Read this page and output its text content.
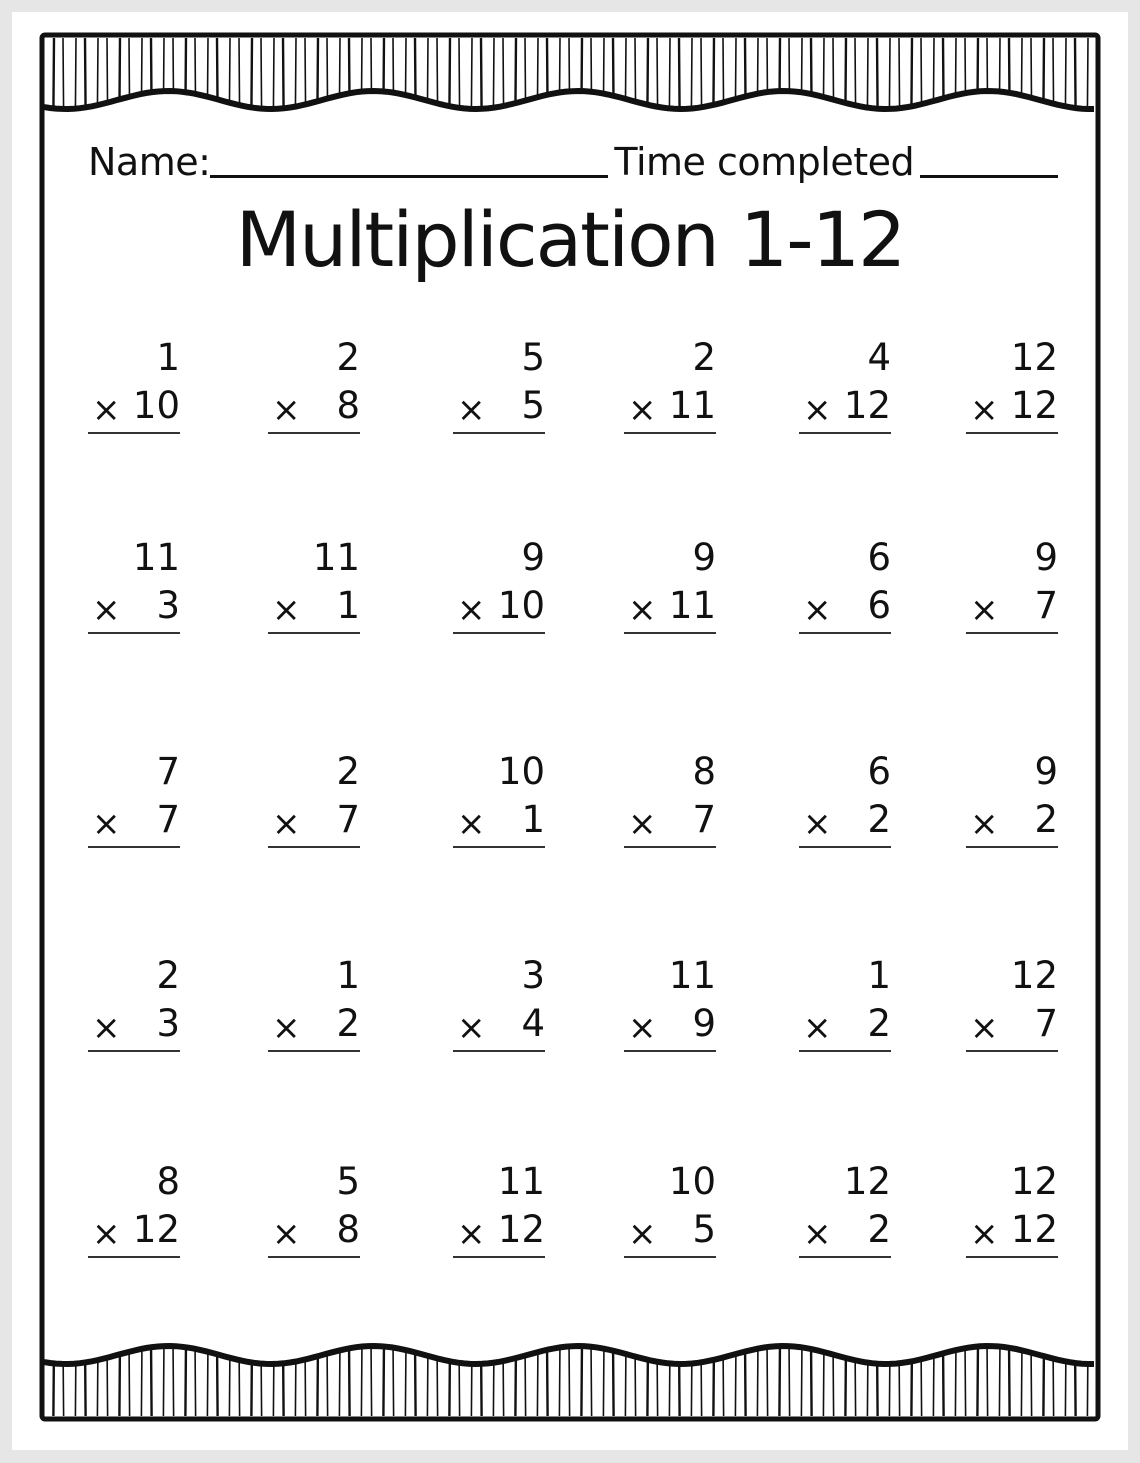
Name:	Time completed
Multiplication 1-12
1
× 10
2
× 8
5
× 5
2
× 11
4
× 12
12
× 12
11
× 3
11
× 1
9
× 10
9
× 11
6
× 6
9
× 7
7
× 7
2
× 7
10
× 1
8
× 7
6
× 2
9
× 2
2
× 3
1
× 2
3
× 4
11
× 9
1
× 2
12
× 7
8
× 12
5
× 8
11
× 12
10
× 5
12
× 2
12
× 12
